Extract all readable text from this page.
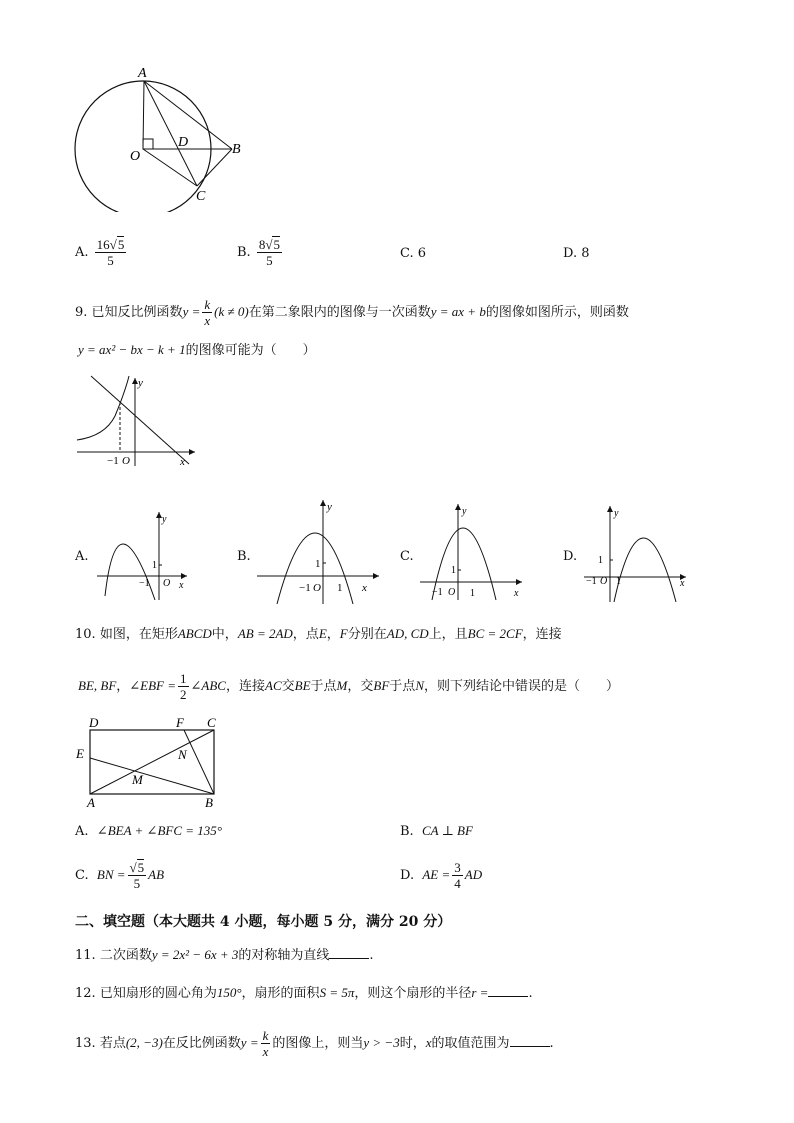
A
B
C
D
O
A. $\frac{16√5}{5}$	B. $\frac{8√5}{5}$	C. 6	D. 8
9. 已知反比例函数$y = \frac{k}{x} (k \ne 0)$在第二象限内的图像与一次函数y = ax + b的图像如图所示，则函数
y = ax² − bx − k + 1的图像可能为（　　）
y
x
−1 O
A.
y
x
1
−1 O
B.
y
x
1
−1 O 1
C.
y
x
1
−1 O 1
D.
y
x
1
−1 O 1
10. 如图，在矩形ABCD中，AB = 2AD，点E，F分别在AD, CD上，且BC = 2CF，连接
BE, BF，∠EBF = $\frac{1}{2}$ ∠ABC，连接AC交BE于点M，交BF于点N，则下列结论中错误的是（　　）
D	F C
E	N
M
A	B
A. ∠BEA + ∠BFC = 135°	B. CA ⊥ BF
C. BN = $\frac{√5}{5}$ AB	D. AE = $\frac{3}{4}$ AD
二、填空题（本大题共 4 小题，每小题 5 分，满分 20 分）
11. 二次函数y = 2x² − 6x + 3的对称轴为直线	.
12. 已知扇形的圆心角为150°，扇形的面积S = 5π，则这个扇形的半径r =	.
13. 若点(2, −3)在反比例函数$y = \frac{k}{x}$ 的图像上，则当y > −3时，x的取值范围为	.
